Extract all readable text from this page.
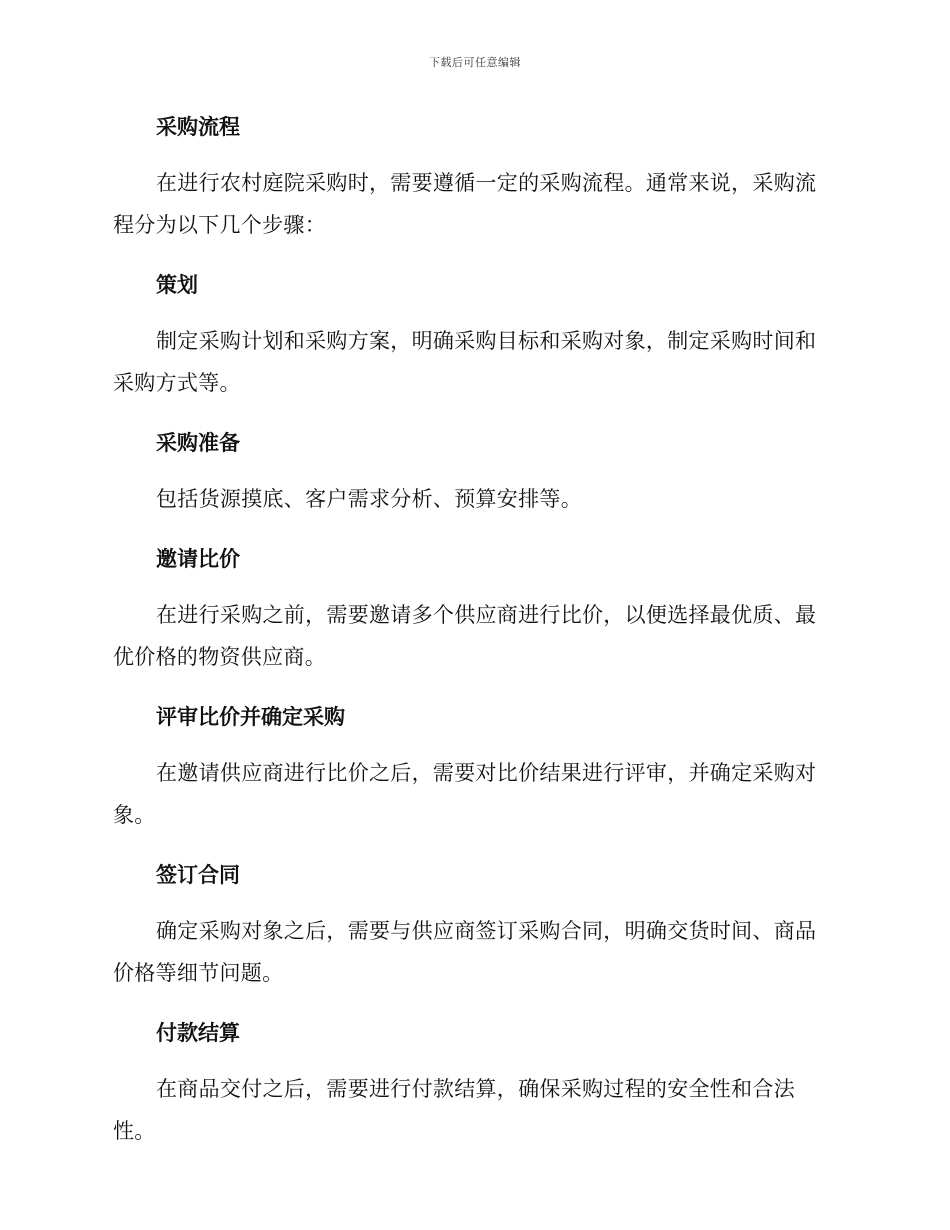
下载后可任意编辑
采购流程

在进行农村庭院采购时，需要遵循一定的采购流程。通常来说，采购流程分为以下几个步骤：

策划

制定采购计划和采购方案，明确采购目标和采购对象，制定采购时间和采购方式等。

采购准备

包括货源摸底、客户需求分析、预算安排等。

邀请比价

在进行采购之前，需要邀请多个供应商进行比价，以便选择最优质、最优价格的物资供应商。

评审比价并确定采购

在邀请供应商进行比价之后，需要对比价结果进行评审，并确定采购对象。

签订合同

确定采购对象之后，需要与供应商签订采购合同，明确交货时间、商品价格等细节问题。

付款结算

在商品交付之后，需要进行付款结算，确保采购过程的安全性和合法性。
